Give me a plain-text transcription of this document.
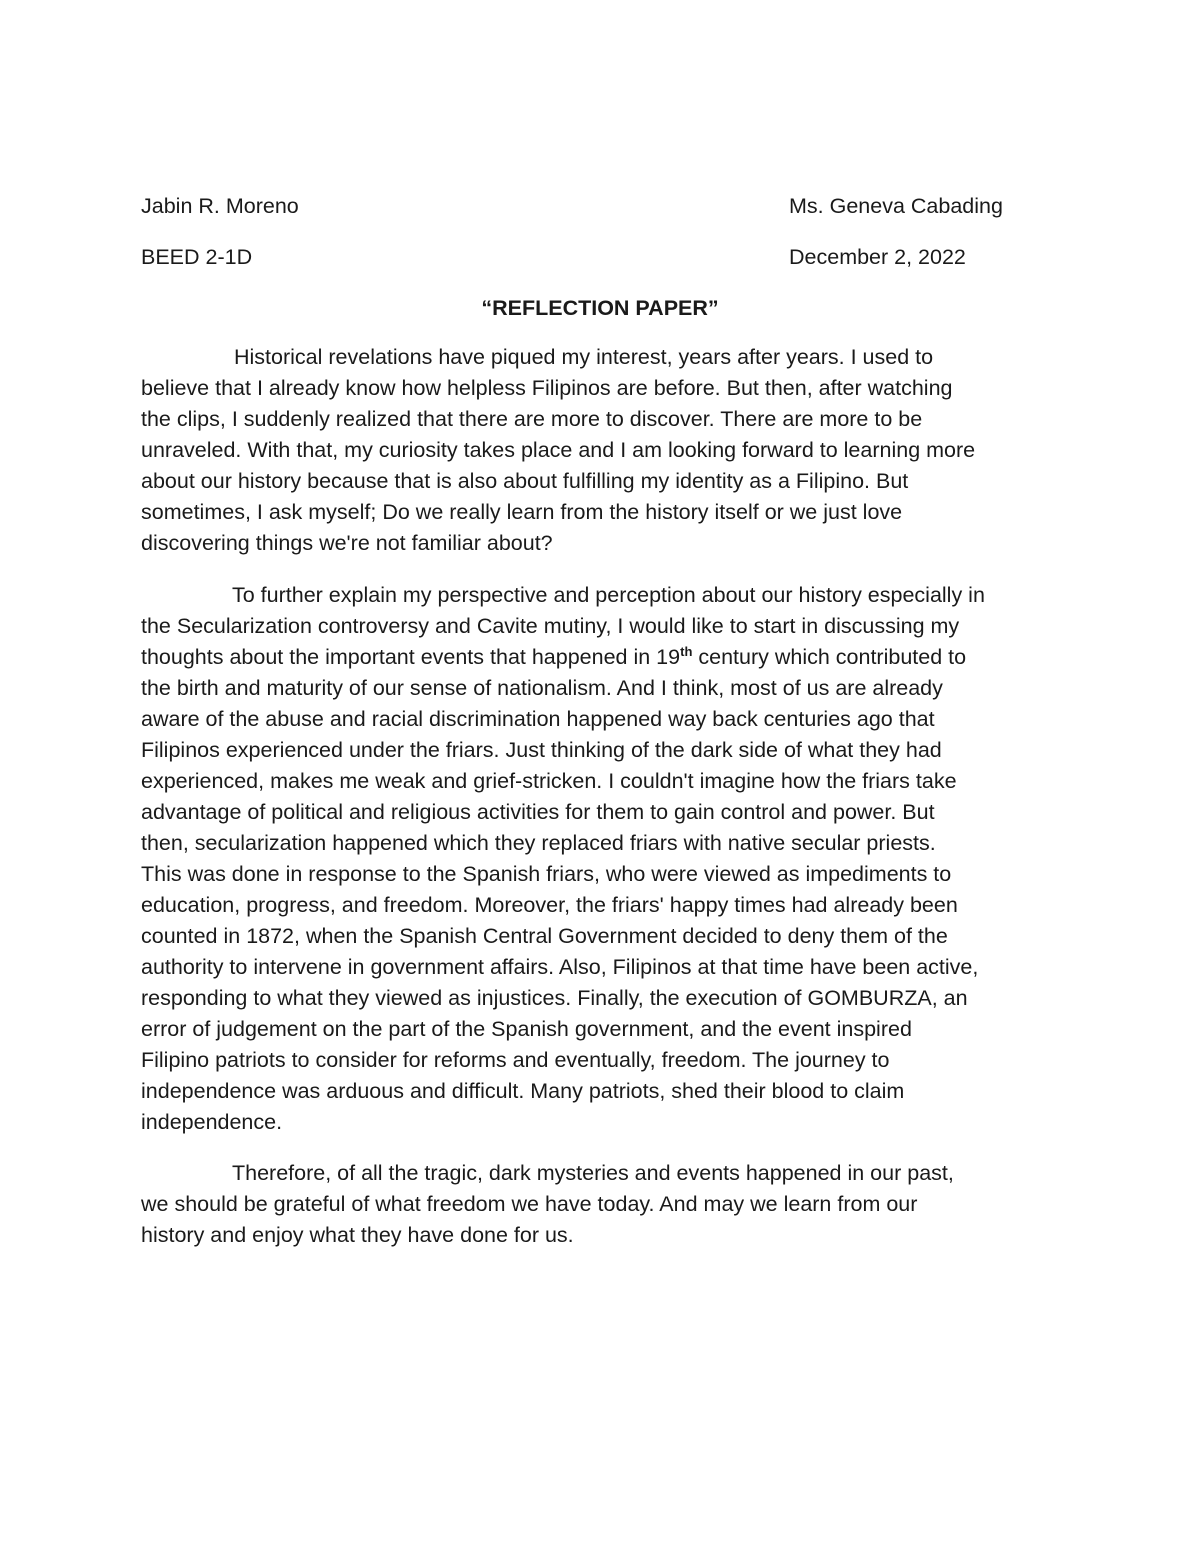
Jabin R. Moreno	Ms. Geneva Cabading
BEED 2-1D	December 2, 2022
“REFLECTION PAPER”
Historical revelations have piqued my interest, years after years. I used to
believe that I already know how helpless Filipinos are before. But then, after watching
the clips, I suddenly realized that there are more to discover. There are more to be
unraveled. With that, my curiosity takes place and I am looking forward to learning more
about our history because that is also about fulfilling my identity as a Filipino. But
sometimes, I ask myself; Do we really learn from the history itself or we just love
discovering things we're not familiar about?
To further explain my perspective and perception about our history especially in
the Secularization controversy and Cavite mutiny, I would like to start in discussing my
thoughts about the important events that happened in 19th century which contributed to
the birth and maturity of our sense of nationalism. And I think, most of us are already
aware of the abuse and racial discrimination happened way back centuries ago that
Filipinos experienced under the friars. Just thinking of the dark side of what they had
experienced, makes me weak and grief-stricken. I couldn't imagine how the friars take
advantage of political and religious activities for them to gain control and power. But
then, secularization happened which they replaced friars with native secular priests.
This was done in response to the Spanish friars, who were viewed as impediments to
education, progress, and freedom. Moreover, the friars' happy times had already been
counted in 1872, when the Spanish Central Government decided to deny them of the
authority to intervene in government affairs. Also, Filipinos at that time have been active,
responding to what they viewed as injustices. Finally, the execution of GOMBURZA, an
error of judgement on the part of the Spanish government, and the event inspired
Filipino patriots to consider for reforms and eventually, freedom. The journey to
independence was arduous and difficult. Many patriots, shed their blood to claim
independence.
Therefore, of all the tragic, dark mysteries and events happened in our past,
we should be grateful of what freedom we have today. And may we learn from our
history and enjoy what they have done for us.
